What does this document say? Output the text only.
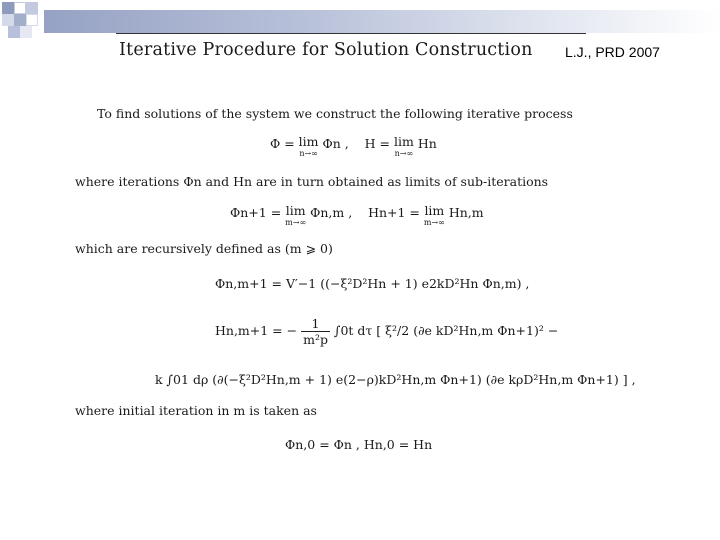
Iterative Procedure for Solution Construction L.J., PRD 2007

To find solutions of the system we construct the following iterative process

Φ = lim
n→∞
Φn , H = lim
n→∞
Hn

where iterations Φn and Hn are in turn obtained as limits of sub-iterations

Φn+1 = lim
m→∞
Φn,m , Hn+1 = lim
m→∞
Hn,m

which are recursively defined as (m ⩾ 0)

Φn,m+1 = V′−1 ((−ξ²D²Hn + 1) e2kD²Hn Φn,m) ,

Hn,m+1 = − $\frac{1}{\text{m²p}} \int 0t$ dτ [ ξ²/2 (∂e kD²Hn,m Φn+1)² −

k ∫01 dρ (∂(−ξ²D²Hn,m + 1) e(2−ρ)kD²Hn,m Φn+1) (∂e kρD²Hn,m Φn+1) ] ,

where initial iteration in m is taken as

Φn,0 = Φn , Hn,0 = Hn
